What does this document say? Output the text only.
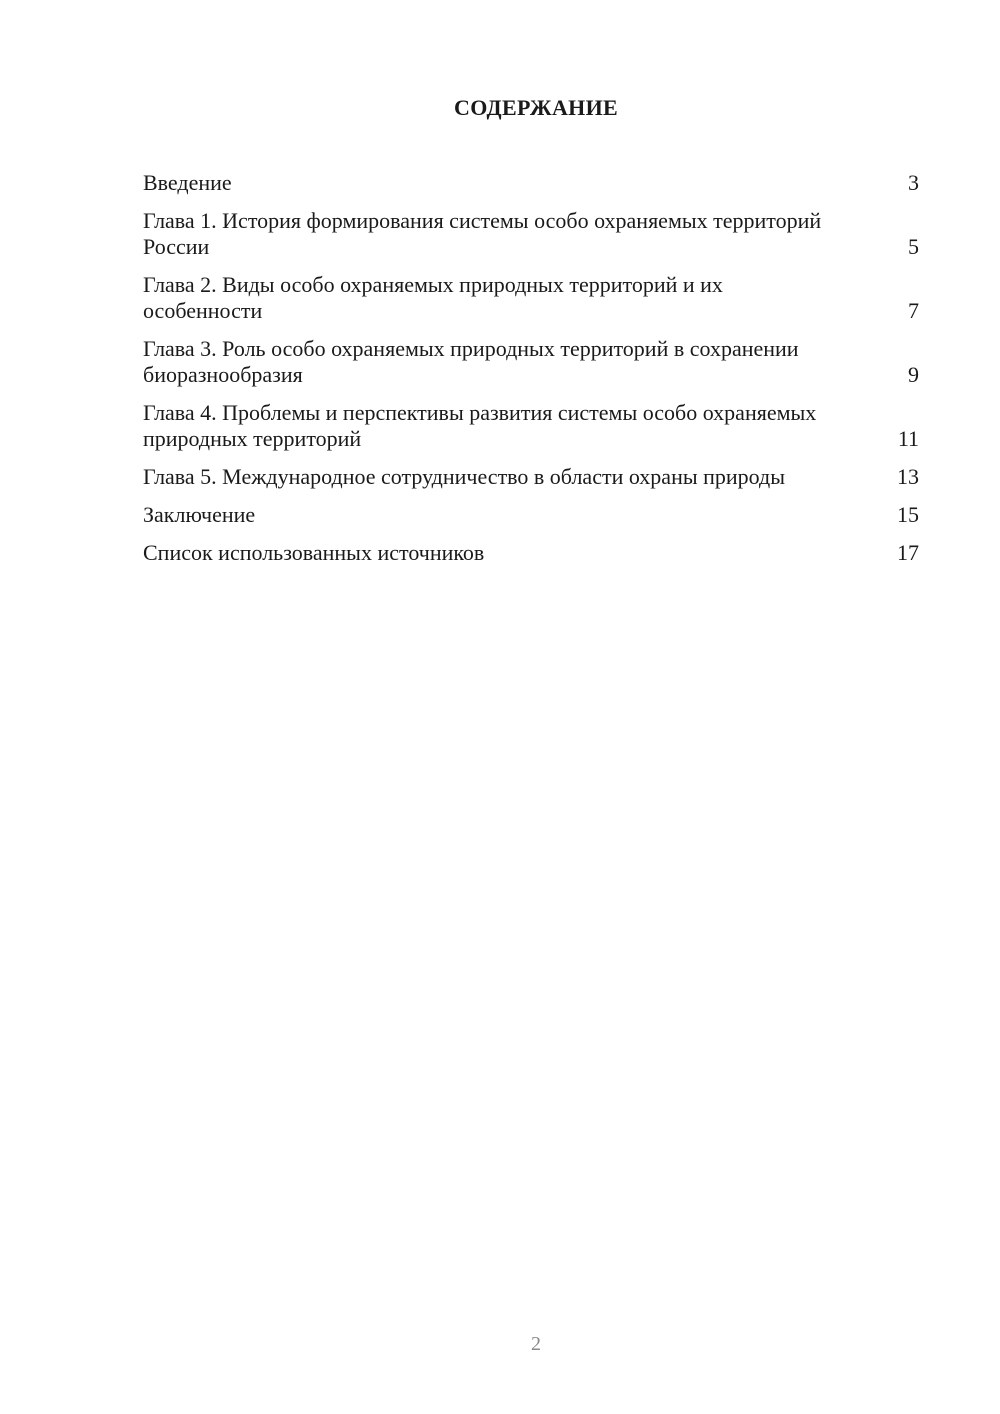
СОДЕРЖАНИЕ
Введение	3
Глава 1. История формирования системы особо охраняемых территорий России	5
Глава 2. Виды особо охраняемых природных территорий и их особенности	7
Глава 3. Роль особо охраняемых природных территорий в сохранении биоразнообразия	9
Глава 4. Проблемы и перспективы развития системы особо охраняемых природных территорий	11
Глава 5. Международное сотрудничество в области охраны природы	13
Заключение	15
Список использованных источников	17
2
